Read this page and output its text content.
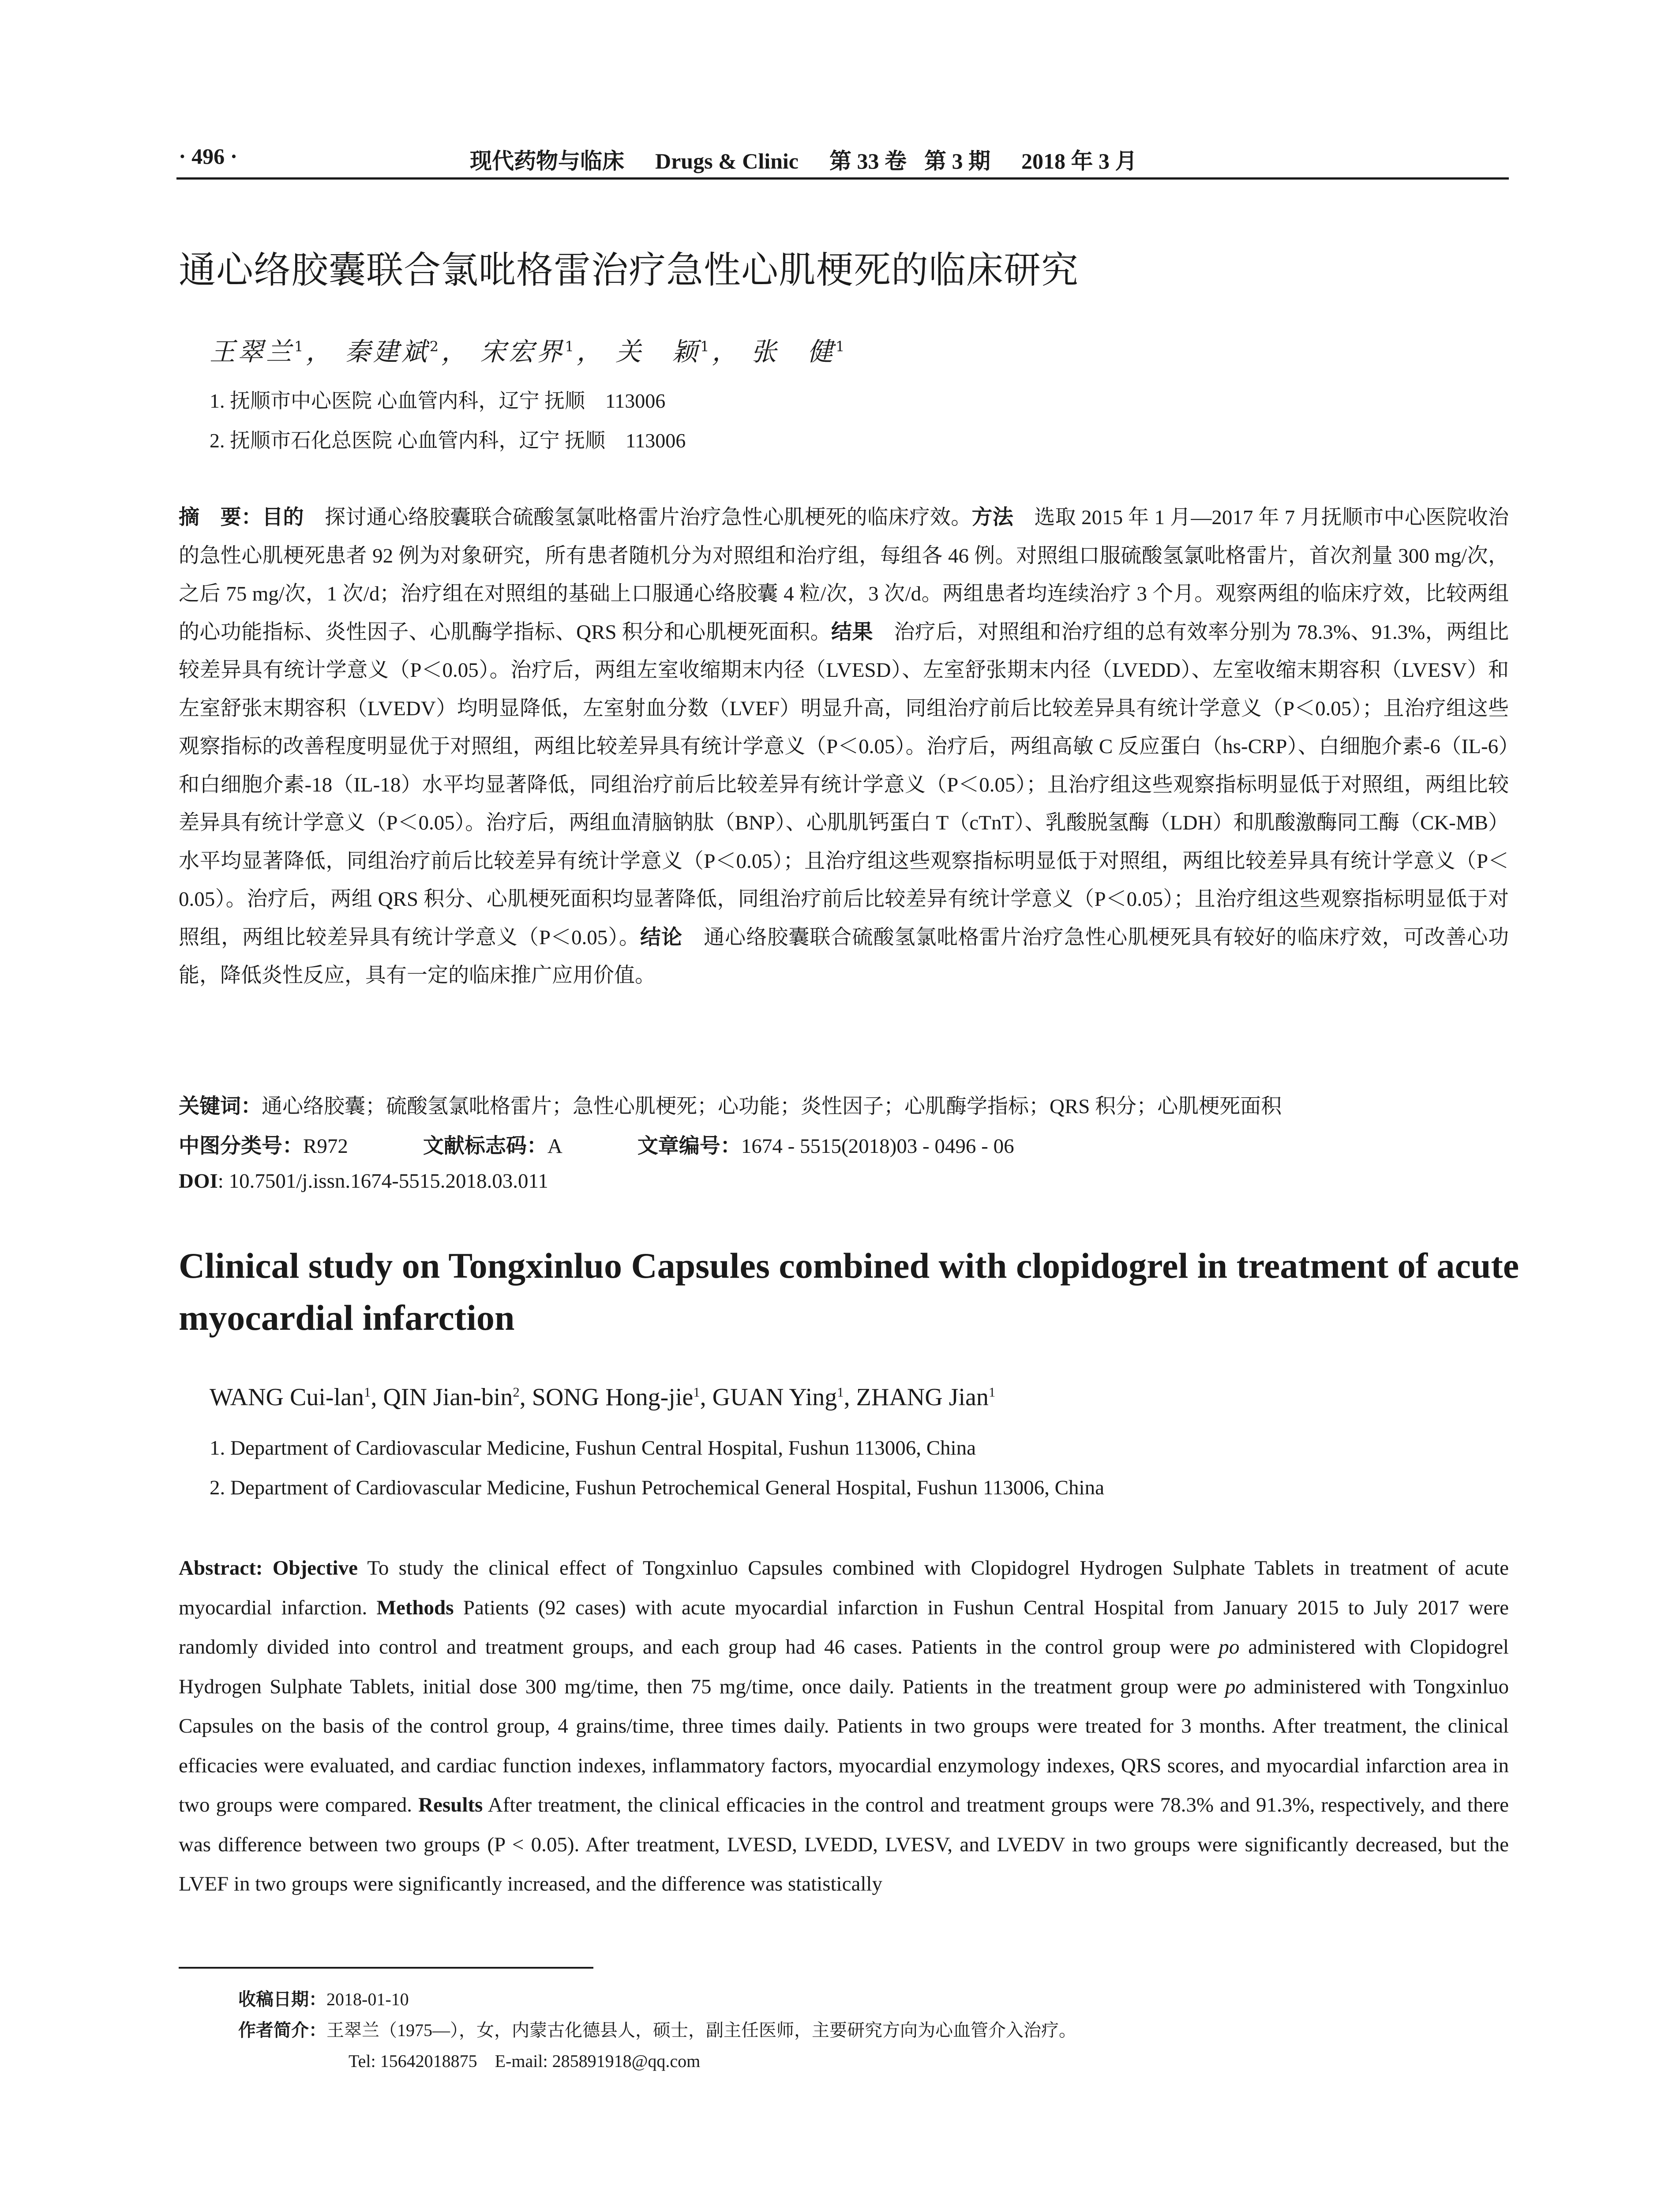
· 496 ·	现代药物与临床 Drugs & Clinic 第 33 卷 第 3 期 2018 年 3 月
通心络胶囊联合氯吡格雷治疗急性心肌梗死的临床研究
王翠兰$^1$， 秦建斌$^2$， 宋宏界$^1$， 关　颖$^1$， 张　健$^1$
1. 抚顺市中心医院 心血管内科，辽宁 抚顺　113006
2. 抚顺市石化总医院 心血管内科，辽宁 抚顺　113006
摘　要：目的　探讨通心络胶囊联合硫酸氢氯吡格雷片治疗急性心肌梗死的临床疗效。方法　选取 2015 年 1 月—2017 年 7 月抚顺市中心医院收治的急性心肌梗死患者 92 例为对象研究，所有患者随机分为对照组和治疗组，每组各 46 例。对照组口服硫酸氢氯吡格雷片，首次剂量 300 mg/次，之后 75 mg/次，1 次/d；治疗组在对照组的基础上口服通心络胶囊 4 粒/次，3 次/d。两组患者均连续治疗 3 个月。观察两组的临床疗效，比较两组的心功能指标、炎性因子、心肌酶学指标、QRS 积分和心肌梗死面积。结果　治疗后，对照组和治疗组的总有效率分别为 78.3%、91.3%，两组比较差异具有统计学意义（P＜0.05）。治疗后，两组左室收缩期末内径（LVESD）、左室舒张期末内径（LVEDD）、左室收缩末期容积（LVESV）和左室舒张末期容积（LVEDV）均明显降低，左室射血分数（LVEF）明显升高，同组治疗前后比较差异具有统计学意义（P＜0.05）；且治疗组这些观察指标的改善程度明显优于对照组，两组比较差异具有统计学意义（P＜0.05）。治疗后，两组高敏 C 反应蛋白（hs-CRP）、白细胞介素-6（IL-6）和白细胞介素-18（IL-18）水平均显著降低，同组治疗前后比较差异有统计学意义（P＜0.05）；且治疗组这些观察指标明显低于对照组，两组比较差异具有统计学意义（P＜0.05）。治疗后，两组血清脑钠肽（BNP）、心肌肌钙蛋白 T（cTnT）、乳酸脱氢酶（LDH）和肌酸激酶同工酶（CK-MB）水平均显著降低，同组治疗前后比较差异有统计学意义（P＜0.05）；且治疗组这些观察指标明显低于对照组，两组比较差异具有统计学意义（P＜0.05）。治疗后，两组 QRS 积分、心肌梗死面积均显著降低，同组治疗前后比较差异有统计学意义（P＜0.05）；且治疗组这些观察指标明显低于对照组，两组比较差异具有统计学意义（P＜0.05）。结论　通心络胶囊联合硫酸氢氯吡格雷片治疗急性心肌梗死具有较好的临床疗效，可改善心功能，降低炎性反应，具有一定的临床推广应用价值。
关键词：通心络胶囊；硫酸氢氯吡格雷片；急性心肌梗死；心功能；炎性因子；心肌酶学指标；QRS 积分；心肌梗死面积
中图分类号：R972	文献标志码：A	文章编号：1674 - 5515(2018)03 - 0496 - 06
DOI: 10.7501/j.issn.1674-5515.2018.03.011
Clinical study on Tongxinluo Capsules combined with clopidogrel in treatment of acute myocardial infarction
WANG Cui-lan$^1$, QIN Jian-bin$^2$, SONG Hong-jie$^1$, GUAN Ying$^1$, ZHANG Jian$^1$
1. Department of Cardiovascular Medicine, Fushun Central Hospital, Fushun 113006, China
2. Department of Cardiovascular Medicine, Fushun Petrochemical General Hospital, Fushun 113006, China
Abstract: Objective To study the clinical effect of Tongxinluo Capsules combined with Clopidogrel Hydrogen Sulphate Tablets in treatment of acute myocardial infarction. Methods Patients (92 cases) with acute myocardial infarction in Fushun Central Hospital from January 2015 to July 2017 were randomly divided into control and treatment groups, and each group had 46 cases. Patients in the control group were po administered with Clopidogrel Hydrogen Sulphate Tablets, initial dose 300 mg/time, then 75 mg/time, once daily. Patients in the treatment group were po administered with Tongxinluo Capsules on the basis of the control group, 4 grains/time, three times daily. Patients in two groups were treated for 3 months. After treatment, the clinical efficacies were evaluated, and cardiac function indexes, inflammatory factors, myocardial enzymology indexes, QRS scores, and myocardial infarction area in two groups were compared. Results After treatment, the clinical efficacies in the control and treatment groups were 78.3% and 91.3%, respectively, and there was difference between two groups (P < 0.05). After treatment, LVESD, LVEDD, LVESV, and LVEDV in two groups were significantly decreased, but the LVEF in two groups were significantly increased, and the difference was statistically
收稿日期：2018-01-10
作者简介：王翠兰（1975—），女，内蒙古化德县人，硕士，副主任医师，主要研究方向为心血管介入治疗。
Tel: 15642018875　E-mail: 285891918@qq.com
